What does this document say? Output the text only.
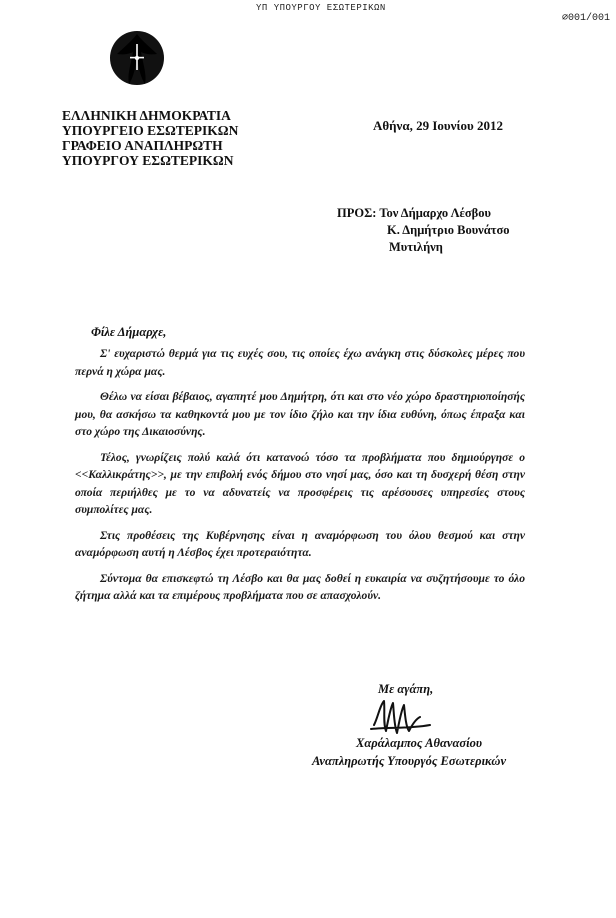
ΥΠ ΥΠΟΥΡΓΟΥ ΕΣΩΤΕΡΙΚΩΝ
∅001/001
ΕΛΛΗΝΙΚΗ ΔΗΜΟΚΡΑΤΙΑ
ΥΠΟΥΡΓΕΙΟ ΕΣΩΤΕΡΙΚΩΝ
ΓΡΑΦΕΙΟ ΑΝΑΠΛΗΡΩΤΗ
ΥΠΟΥΡΓΟΥ ΕΣΩΤΕΡΙΚΩΝ
Αθήνα, 29 Ιουνίου 2012
ΠΡΟΣ: Τον Δήμαρχο Λέσβου
Κ. Δημήτριο Βουνάτσο
Μυτιλήνη
Φίλε Δήμαρχε,

Σ' ευχαριστώ θερμά για τις ευχές σου, τις οποίες έχω ανάγκη στις δύσκολες μέρες που περνά η χώρα μας.

Θέλω να είσαι βέβαιος, αγαπητέ μου Δημήτρη, ότι και στο νέο χώρο δραστηριοποίησής μου, θα ασκήσω τα καθηκοντά μου με τον ίδιο ζήλο και την ίδια ευθύνη, όπως έπραξα και στο χώρο της Δικαιοσύνης.

Τέλος, γνωρίζεις πολύ καλά ότι κατανοώ τόσο τα προβλήματα που δημιούργησε ο <<Καλλικράτης>>, με την επιβολή ενός δήμου στο νησί μας, όσο και τη δυσχερή θέση στην οποία περιήλθες με το να αδυνατείς να προσφέρεις τις αρέσουσες υπηρεσίες στους συμπολίτες μας.

Στις προθέσεις της Κυβέρνησης είναι η αναμόρφωση του όλου θεσμού και στην αναμόρφωση αυτή η Λέσβος έχει προτεραιότητα.

Σύντομα θα επισκεφτώ τη Λέσβο και θα μας δοθεί η ευκαιρία να συζητήσουμε το όλο ζήτημα αλλά και τα επιμέρους προβλήματα που σε απασχολούν.

Με αγάπη,
Χαράλαμπος Αθανασίου
Αναπληρωτής Υπουργός Εσωτερικών
